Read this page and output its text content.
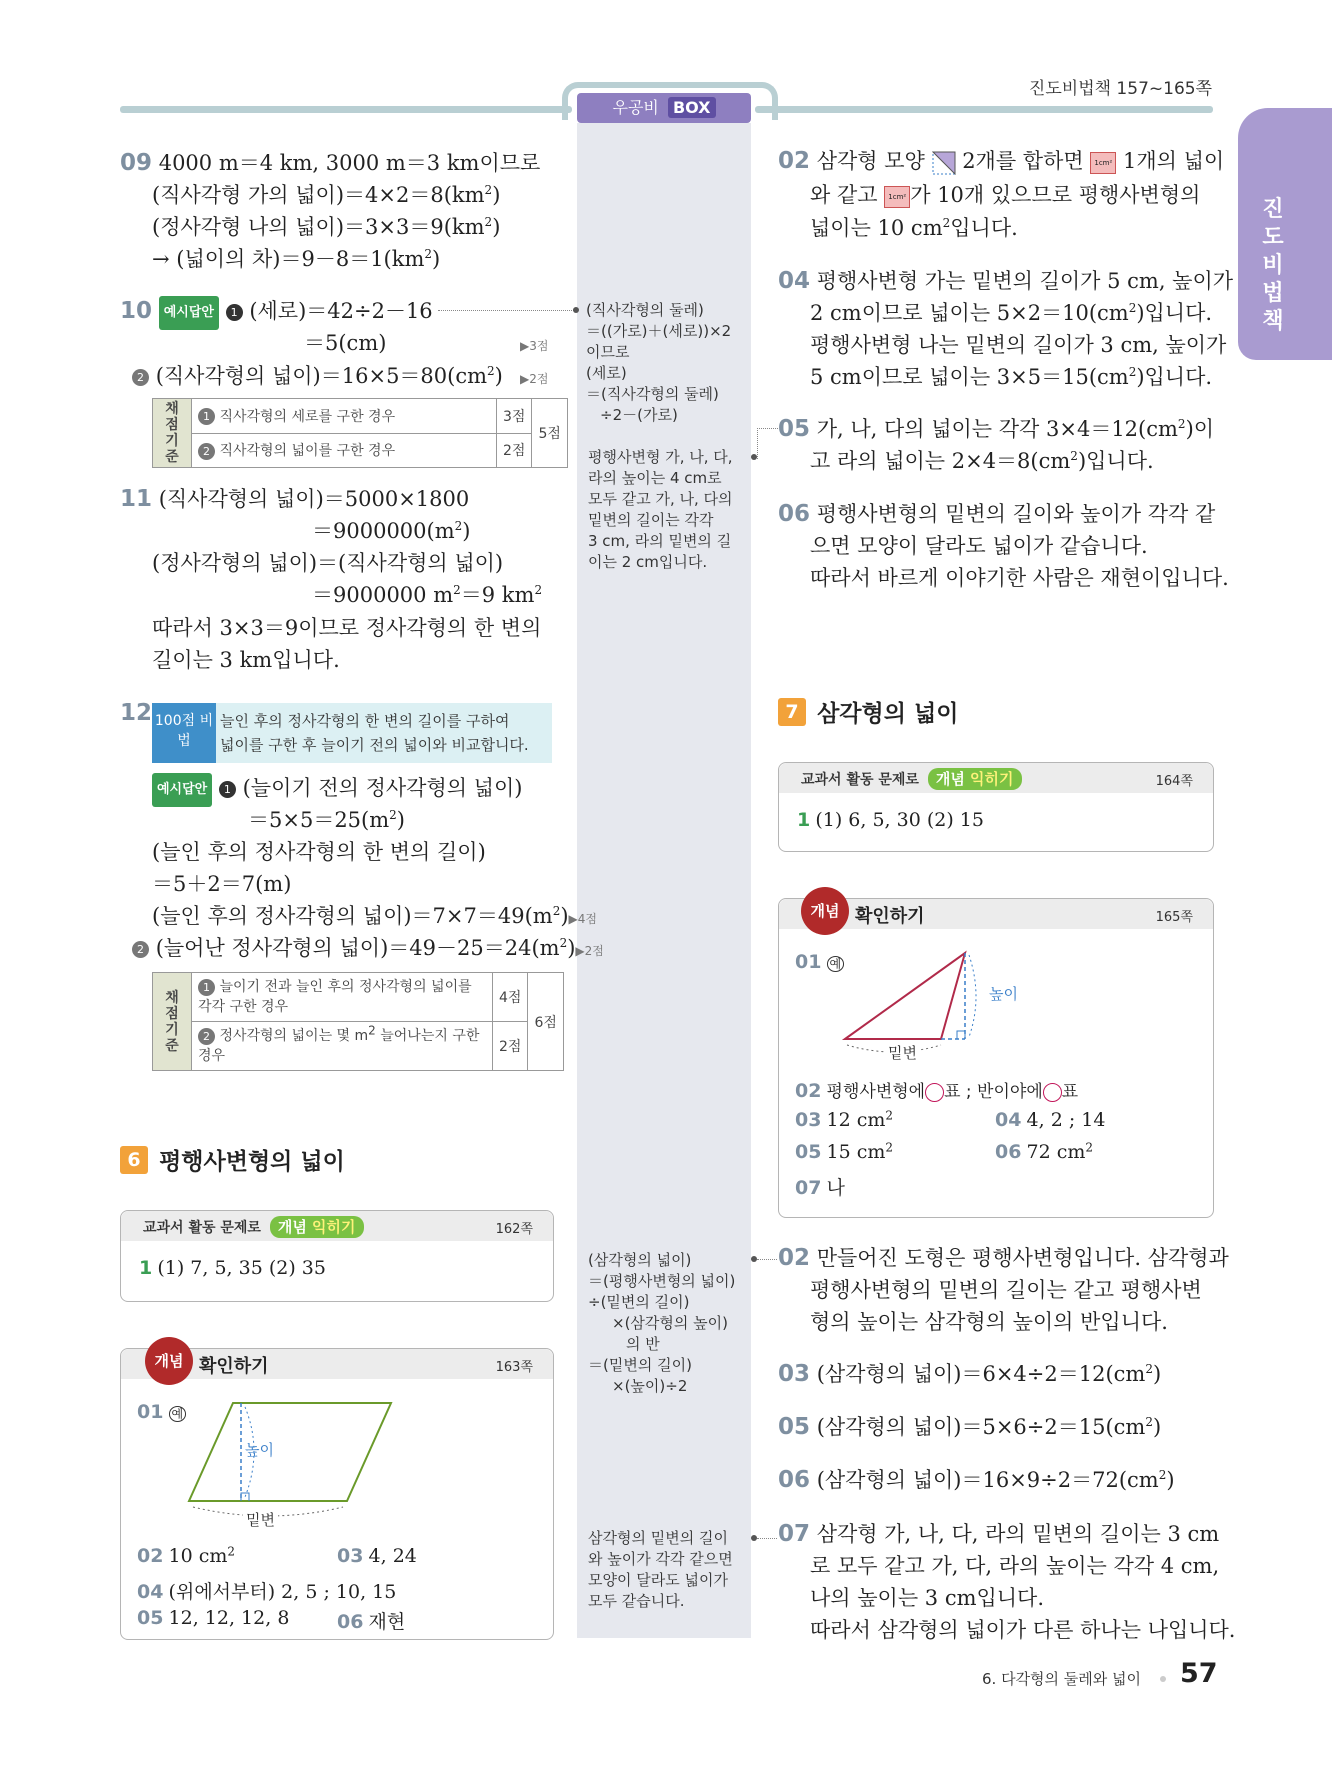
우공비 BOX
진도비법책 157~165쪽
진
도
비
법
책
09 4000 m＝4 km, 3000 m＝3 km이므로
(직사각형 가의 넓이)$=4\times 2=8(km^2)$
(정사각형 나의 넓이)$=3\times 3=9(km^2)$
→ (넓이의 차)$=9-8=1(km^2)$
10 예시답안 1 (세로)＝42÷2－16
＝5(cm)	▶3점
2 (직사각형의 넓이)$=16\times 5=80(cm^2)$ ▶2점
채점 기준	1 직사각형의 세로를 구한 경우	3점	5점
	2 직사각형의 넓이를 구한 경우	2점	
11 (직사각형의 넓이)＝5000×1800
$=9000000(m^2)$
(정사각형의 넓이)＝(직사각형의 넓이)
＝9000000 $m^2=9$ $km^2$
따라서 3×3＝9이므로 정사각형의 한 변의
길이는 3 km입니다.
12 100점 비법
늘인 후의 정사각형의 한 변의 길이를 구하여
넓이를 구한 후 늘이기 전의 넓이와 비교합니다.
예시답안 1 (늘이기 전의 정사각형의 넓이)
$=5\times 5=25(m^2)$
(늘인 후의 정사각형의 한 변의 길이)
＝5＋2＝7(m)
(늘인 후의 정사각형의 넓이)$=7\times 7=49(m^2)▶4$점
2 (늘어난 정사각형의 넓이)$=49-25=24(m^2)▶2$점
채점 기준	1 늘이기 전과 늘인 후의 정사각형의 넓이를 각각 구한 경우	4점	6점
	2 정사각형의 넓이는 몇 $m^2$ 늘어나는지 구한 경우	2점	
6 평행사변형의 넓이
교과서 활동 문제로 개념 익히기	162쪽
1 (1) 7, 5, 35 (2) 35
개념 확인하기	163쪽
01 예
높이
밑변
02 10 $cm^2$	03 4, 24
04 (위에서부터) 2, 5 ; 10, 15
05 12, 12, 12, 8	06 재현
(직사각형의 둘레)
＝((가로)＋(세로))×2
이므로
(세로)
＝(직사각형의 둘레)
÷2－(가로)
평행사변형 가, 나, 다,
라의 높이는 4 cm로
모두 같고 가, 나, 다의
밑변의 길이는 각각
3 cm, 라의 밑변의 길
이는 2 cm입니다.
(삼각형의 넓이)
＝(평행사변형의 넓이)
÷(밑변의 길이)
×(삼각형의 높이)
의 반
＝(밑변의 길이)
×(높이)÷2
삼각형의 밑변의 길이
와 높이가 각각 같으면
모양이 달라도 넓이가
모두 같습니다.
02 삼각형 모양 2개를 합하면 1cm² 1개의 넓이
와 같고 1cm² 가 10개 있으므로 평행사변형의
넓이는 10 $cm^2$입니다.
04 평행사변형 가는 밑변의 길이가 5 cm, 높이가
2 cm이므로 넓이는 $5\times 2=10(cm^2)$입니다.
평행사변형 나는 밑변의 길이가 3 cm, 높이가
5 cm이므로 넓이는 $3\times 5=15(cm^2)$입니다.
05 가, 나, 다의 넓이는 각각 $3\times 4=12(cm^2)$이
고 라의 넓이는 $2\times 4=8(cm^2)$입니다.
06 평행사변형의 밑변의 길이와 높이가 각각 같
으면 모양이 달라도 넓이가 같습니다.
따라서 바르게 이야기한 사람은 재현이입니다.
7 삼각형의 넓이
교과서 활동 문제로 개념 익히기	164쪽
1 (1) 6, 5, 30 (2) 15
개념 확인하기	165쪽
01 예
높이
밑변
02 평행사변형에○표 ; 반이야에○표
03 12 $cm^2$	04 4, 2 ; 14
05 15 $cm^2$	06 72 $cm^2$
07 나
02 만들어진 도형은 평행사변형입니다. 삼각형과
평행사변형의 밑변의 길이는 같고 평행사변
형의 높이는 삼각형의 높이의 반입니다.
03 (삼각형의 넓이)$=6\times 4\div 2=12(cm^2)$
05 (삼각형의 넓이)$=5\times 6\div 2=15(cm^2)$
06 (삼각형의 넓이)$=16\times 9\div 2=72(cm^2)$
07 삼각형 가, 나, 다, 라의 밑변의 길이는 3 cm
로 모두 같고 가, 다, 라의 높이는 각각 4 cm,
나의 높이는 3 cm입니다.
따라서 삼각형의 넓이가 다른 하나는 나입니다.
6. 다각형의 둘레와 넓이 57
